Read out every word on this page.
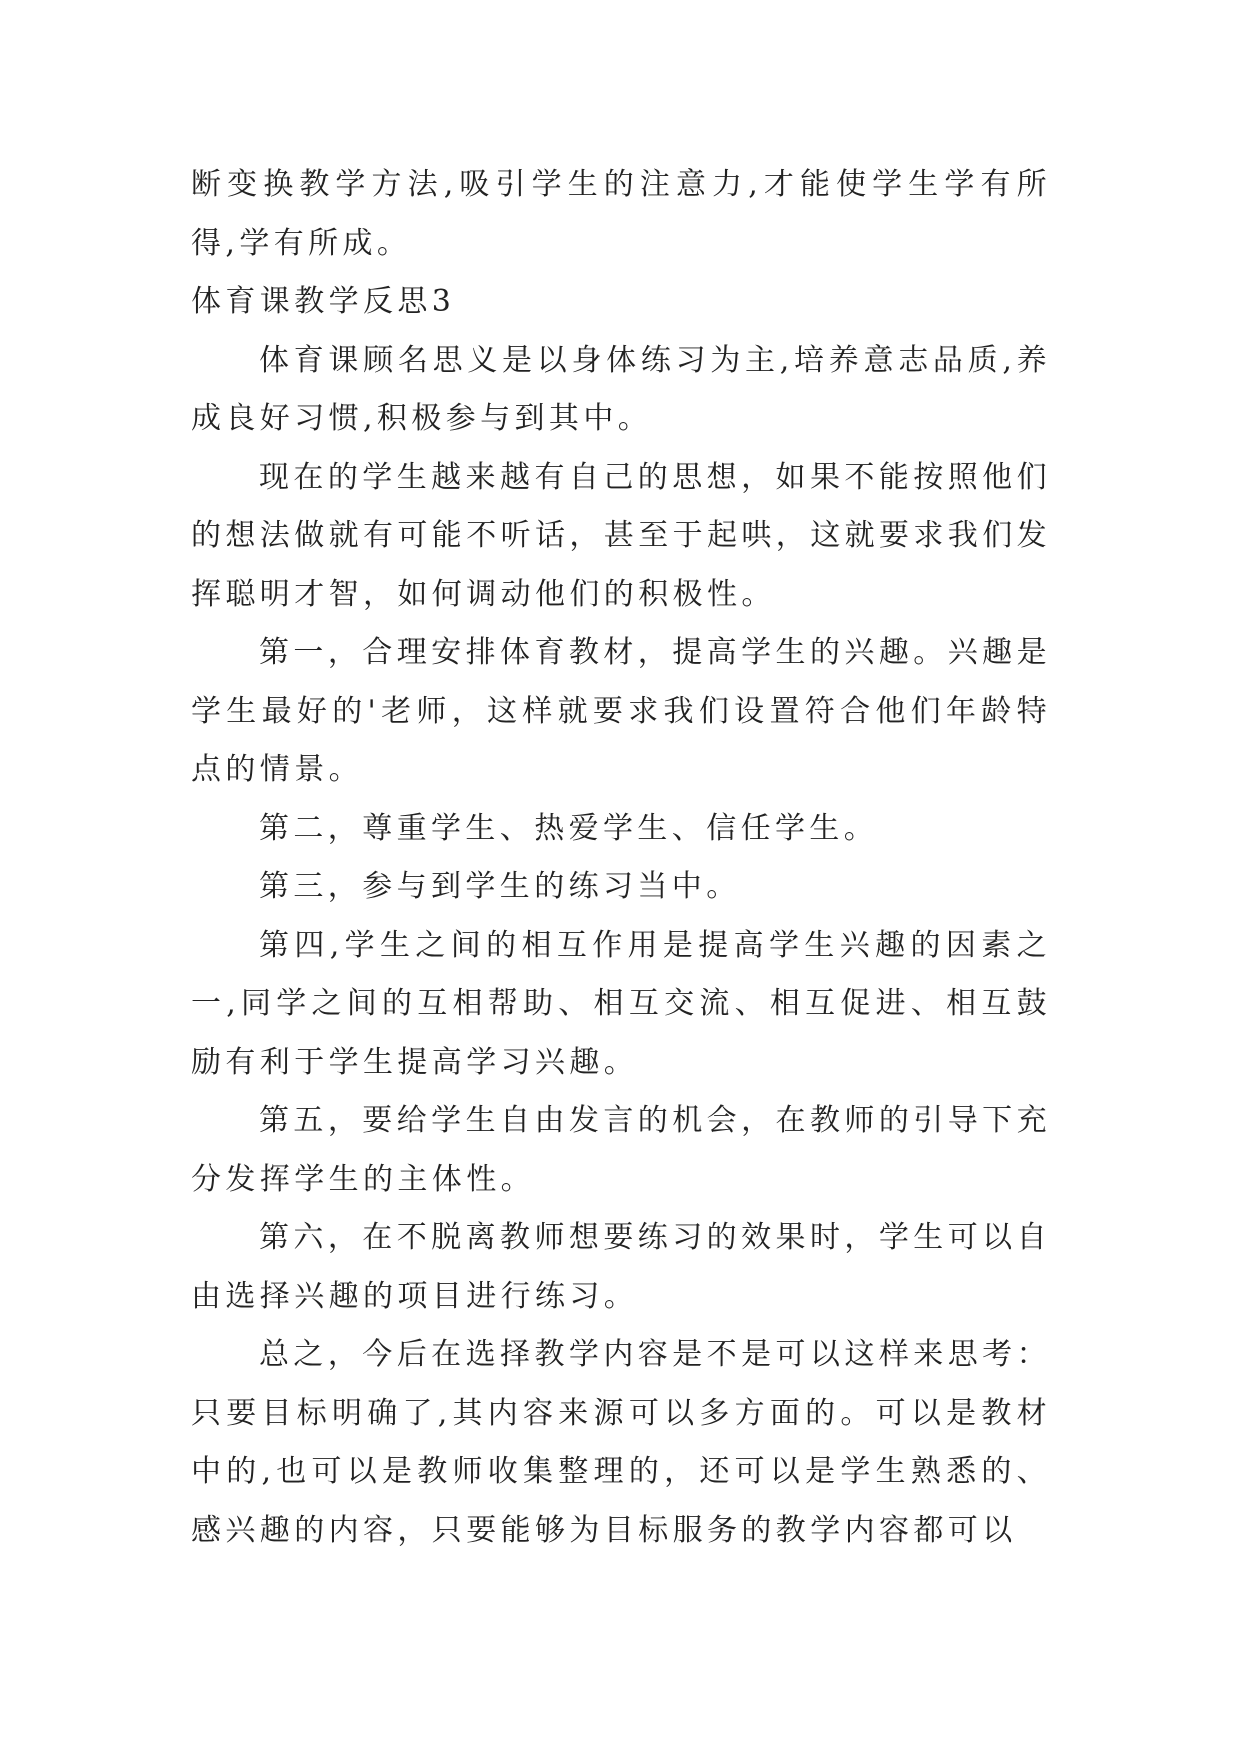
断变换教学方法,吸引学生的注意力,才能使学生学有所得,学有所成。

体育课教学反思3

体育课顾名思义是以身体练习为主,培养意志品质,养成良好习惯,积极参与到其中。

现在的学生越来越有自己的思想，如果不能按照他们的想法做就有可能不听话，甚至于起哄，这就要求我们发挥聪明才智，如何调动他们的积极性。

第一，合理安排体育教材，提高学生的兴趣。兴趣是学生最好的'老师，这样就要求我们设置符合他们年龄特点的情景。

第二，尊重学生、热爱学生、信任学生。

第三，参与到学生的练习当中。

第四,学生之间的相互作用是提高学生兴趣的因素之一,同学之间的互相帮助、相互交流、相互促进、相互鼓励有利于学生提高学习兴趣。

第五，要给学生自由发言的机会，在教师的引导下充分发挥学生的主体性。

第六，在不脱离教师想要练习的效果时，学生可以自由选择兴趣的项目进行练习。

总之，今后在选择教学内容是不是可以这样来思考：只要目标明确了,其内容来源可以多方面的。可以是教材中的,也可以是教师收集整理的，还可以是学生熟悉的、感兴趣的内容，只要能够为目标服务的教学内容都可以
